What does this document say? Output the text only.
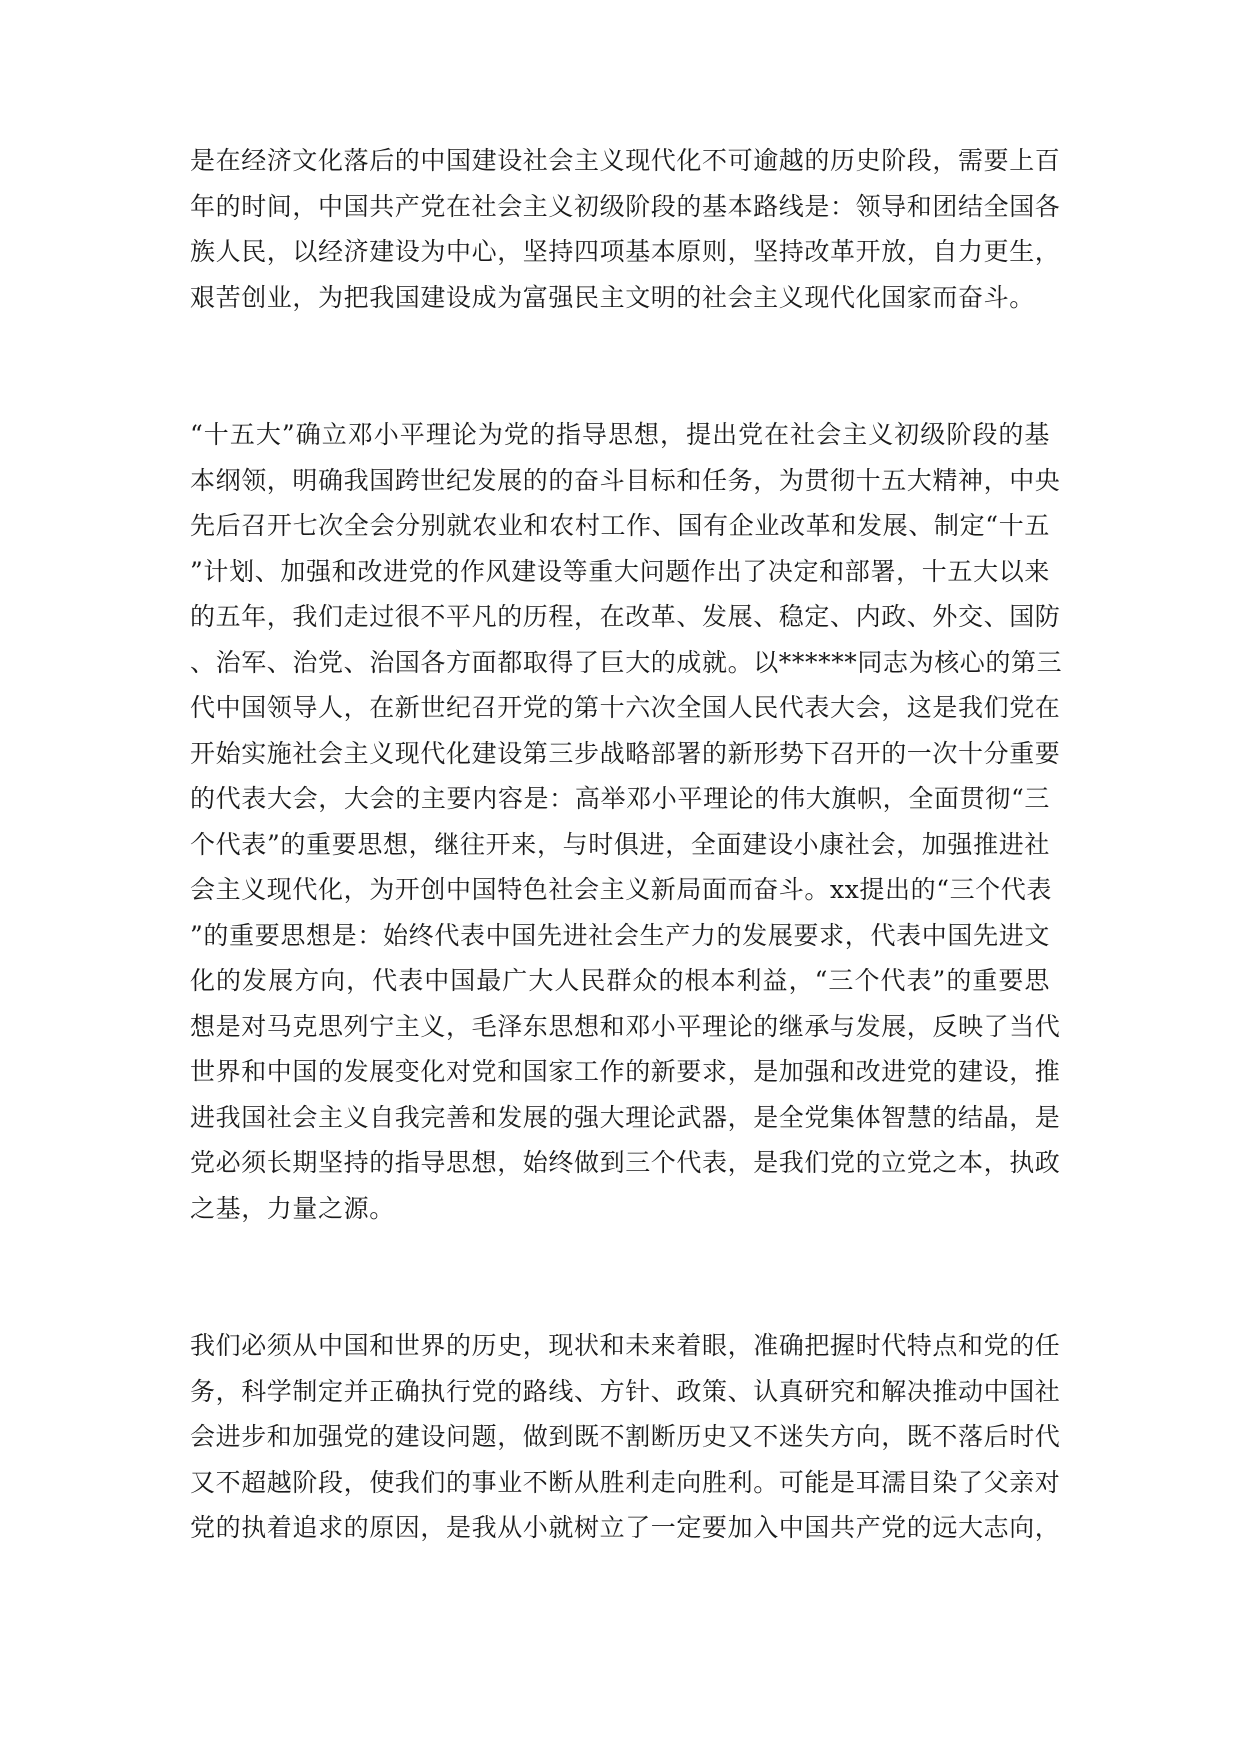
是在经济文化落后的中国建设社会主义现代化不可逾越的历史阶段，需要上百
年的时间，中国共产党在社会主义初级阶段的基本路线是：领导和团结全国各
族人民，以经济建设为中心，坚持四项基本原则，坚持改革开放，自力更生，
艰苦创业，为把我国建设成为富强民主文明的社会主义现代化国家而奋斗。
“十五大”确立邓小平理论为党的指导思想，提出党在社会主义初级阶段的基
本纲领，明确我国跨世纪发展的的奋斗目标和任务，为贯彻十五大精神，中央
先后召开七次全会分别就农业和农村工作、国有企业改革和发展、制定“十五
”计划、加强和改进党的作风建设等重大问题作出了决定和部署，十五大以来
的五年，我们走过很不平凡的历程，在改革、发展、稳定、内政、外交、国防
、治军、治党、治国各方面都取得了巨大的成就。以******同志为核心的第三
代中国领导人，在新世纪召开党的第十六次全国人民代表大会，这是我们党在
开始实施社会主义现代化建设第三步战略部署的新形势下召开的一次十分重要
的代表大会，大会的主要内容是：高举邓小平理论的伟大旗帜，全面贯彻“三
个代表”的重要思想，继往开来，与时俱进，全面建设小康社会，加强推进社
会主义现代化，为开创中国特色社会主义新局面而奋斗。xx提出的“三个代表
”的重要思想是：始终代表中国先进社会生产力的发展要求，代表中国先进文
化的发展方向，代表中国最广大人民群众的根本利益，“三个代表”的重要思
想是对马克思列宁主义，毛泽东思想和邓小平理论的继承与发展，反映了当代
世界和中国的发展变化对党和国家工作的新要求，是加强和改进党的建设，推
进我国社会主义自我完善和发展的强大理论武器，是全党集体智慧的结晶，是
党必须长期坚持的指导思想，始终做到三个代表，是我们党的立党之本，执政
之基，力量之源。
我们必须从中国和世界的历史，现状和未来着眼，准确把握时代特点和党的任
务，科学制定并正确执行党的路线、方针、政策、认真研究和解决推动中国社
会进步和加强党的建设问题，做到既不割断历史又不迷失方向，既不落后时代
又不超越阶段，使我们的事业不断从胜利走向胜利。可能是耳濡目染了父亲对
党的执着追求的原因，是我从小就树立了一定要加入中国共产党的远大志向，
